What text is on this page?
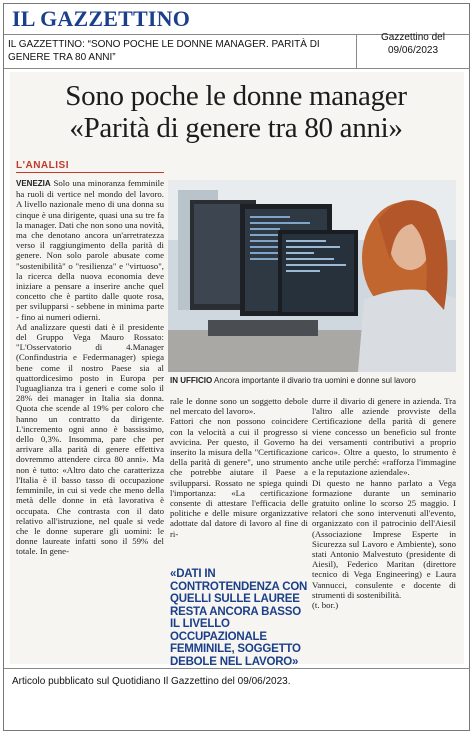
IL GAZZETTINO
IL GAZZETTINO: “SONO POCHE LE DONNE MANAGER. PARITÀ DI GENERE TRA 80 ANNI”
Gazzettino del
09/06/2023
Sono poche le donne manager
«Parità di genere tra 80 anni»
L'ANALISI
VENEZIA Solo una minoranza femminile ha ruoli di vertice nel mondo del lavoro. A livello nazionale meno di una donna su cinque è una dirigente, quasi una su tre fa la manager. Dati che non sono una novità, ma che denotano ancora un'arretratezza verso il raggiungimento della parità di genere. Non solo parole abusate come "sostenibilità" o "resilienza" e "virtuoso", la ricerca della nuova economia deve iniziare a pensare a inserire anche quel concetto che è partito dalle quote rosa, per svilupparsi - sebbene in minima parte - fino ai numeri odierni.
Ad analizzare questi dati è il presidente del Gruppo Vega Mauro Rossato: "L'Osservatorio di 4.Manager (Confindustria e Federmanager) spiega bene come il nostro Paese sia al quattordicesimo posto in Europa per l'uguaglianza tra i generi e come solo il 28% dei manager in Italia sia donna. Quota che scende al 19% per coloro che hanno un contratto da dirigente. L'incremento ogni anno è bassissimo, dello 0,3%. Insomma, pare che per arrivare alla parità di genere effettiva dovremmo attendere circa 80 anni». Ma non è tutto: «Altro dato che caratterizza l'Italia è il basso tasso di occupazione femminile, in cui si vede che meno della metà delle donne in età lavorativa è occupata. Che contrasta con il dato relativo all'istruzione, nel quale si vede che le donne superare gli uomini: le donne laureate infatti sono il 59% del totale. In gene-
IN UFFICIO Ancora importante il divario tra uomini e donne sul lavoro
rale le donne sono un soggetto debole nel mercato del lavoro».
Fattori che non possono coincidere con la velocità a cui il progresso si avvicina. Per questo, il Governo ha inserito la misura della "Certificazione della parità di genere", uno strumento che potrebbe aiutare il Paese a svilupparsi. Rossato ne spiega quindi l'importanza: «La certificazione consente di attestare l'efficacia delle politiche e delle misure organizzative adottate dal datore di lavoro al fine di ri-
«DATI IN CONTROTENDENZA CON QUELLI SULLE LAUREE RESTA ANCORA BASSO IL LIVELLO OCCUPAZIONALE FEMMINILE, SOGGETTO DEBOLE NEL LAVORO»
durre il divario di genere in azienda. Tra l'altro alle aziende provviste della Certificazione della parità di genere viene concesso un beneficio sul fronte dei versamenti contributivi a proprio carico». Oltre a questo, lo strumento è anche utile perché: «rafforza l'immagine e la reputazione aziendale».
Di questo ne hanno parlato a Vega formazione durante un seminario gratuito online lo scorso 25 maggio. I relatori che sono intervenuti all'evento, organizzato con il patrocinio dell'Aiesil (Associazione Imprese Esperte in Sicurezza sul Lavoro e Ambiente), sono stati Antonio Malvestuto (presidente di Aiesil), Federico Maritan (direttore tecnico di Vega Engineering) e Laura Vannucci, consulente e docente di strumenti di sostenibilità.
(t. bor.)
Articolo pubblicato sul Quotidiano Il Gazzettino del 09/06/2023.
